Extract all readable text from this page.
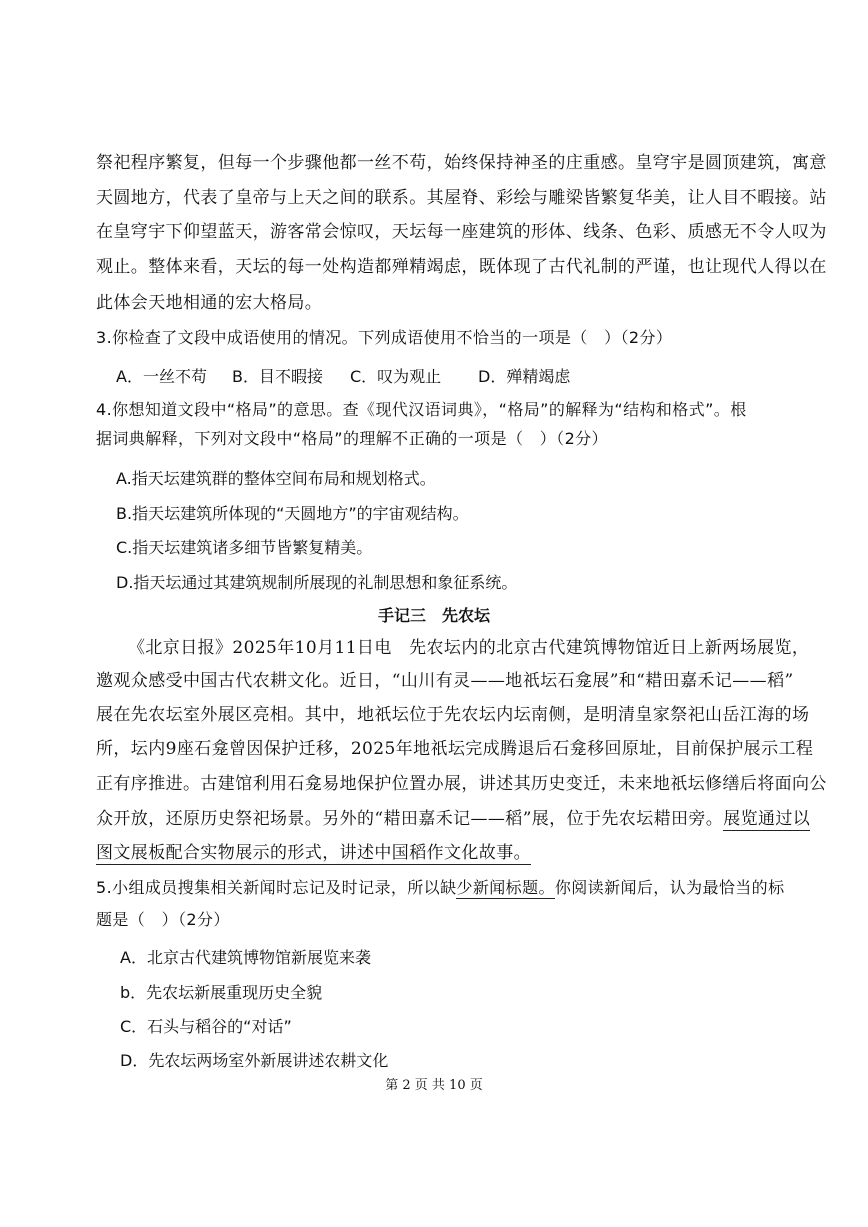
祭祀程序繁复，但每一个步骤他都一丝不苟，始终保持神圣的庄重感。皇穹宇是圆顶建筑，寓意
天圆地方，代表了皇帝与上天之间的联系。其屋脊、彩绘与雕梁皆繁复华美，让人目不暇接。站
在皇穹宇下仰望蓝天，游客常会惊叹，天坛每一座建筑的形体、线条、色彩、质感无不令人叹为
观止。整体来看，天坛的每一处构造都殚精竭虑，既体现了古代礼制的严谨，也让现代人得以在
此体会天地相通的宏大格局。
3.你检查了文段中成语使用的情况。下列成语使用不恰当的一项是（　）（2分）
A．一丝不苟 B．目不暇接 C．叹为观止 D．殚精竭虑
4.你想知道文段中“格局”的意思。查《现代汉语词典》，“格局”的解释为“结构和格式”。根
据词典解释，下列对文段中“格局”的理解不正确的一项是（　）（2分）
A.指天坛建筑群的整体空间布局和规划格式。
B.指天坛建筑所体现的“天圆地方”的宇宙观结构。
C.指天坛建筑诸多细节皆繁复精美。
D.指天坛通过其建筑规制所展现的礼制思想和象征系统。
手记三　先农坛
《北京日报》2025年10月11日电　先农坛内的北京古代建筑博物馆近日上新两场展览，
邀观众感受中国古代农耕文化。近日，“山川有灵——地祇坛石龛展”和“耤田嘉禾记——稻”
展在先农坛室外展区亮相。其中，地祇坛位于先农坛内坛南侧，是明清皇家祭祀山岳江海的场
所，坛内9座石龛曾因保护迁移，2025年地祇坛完成腾退后石龛移回原址，目前保护展示工程
正有序推进。古建馆利用石龛易地保护位置办展，讲述其历史变迁，未来地祇坛修缮后将面向公
众开放，还原历史祭祀场景。另外的“耤田嘉禾记——稻”展，位于先农坛耤田旁。展览通过以
图文展板配合实物展示的形式，讲述中国稻作文化故事。
5.小组成员搜集相关新闻时忘记及时记录，所以缺少新闻标题。你阅读新闻后，认为最恰当的标
题是（　）（2分）
A．北京古代建筑博物馆新展览来袭
b．先农坛新展重现历史全貌
C．石头与稻谷的“对话”
D．先农坛两场室外新展讲述农耕文化
第 2 页 共 10 页
